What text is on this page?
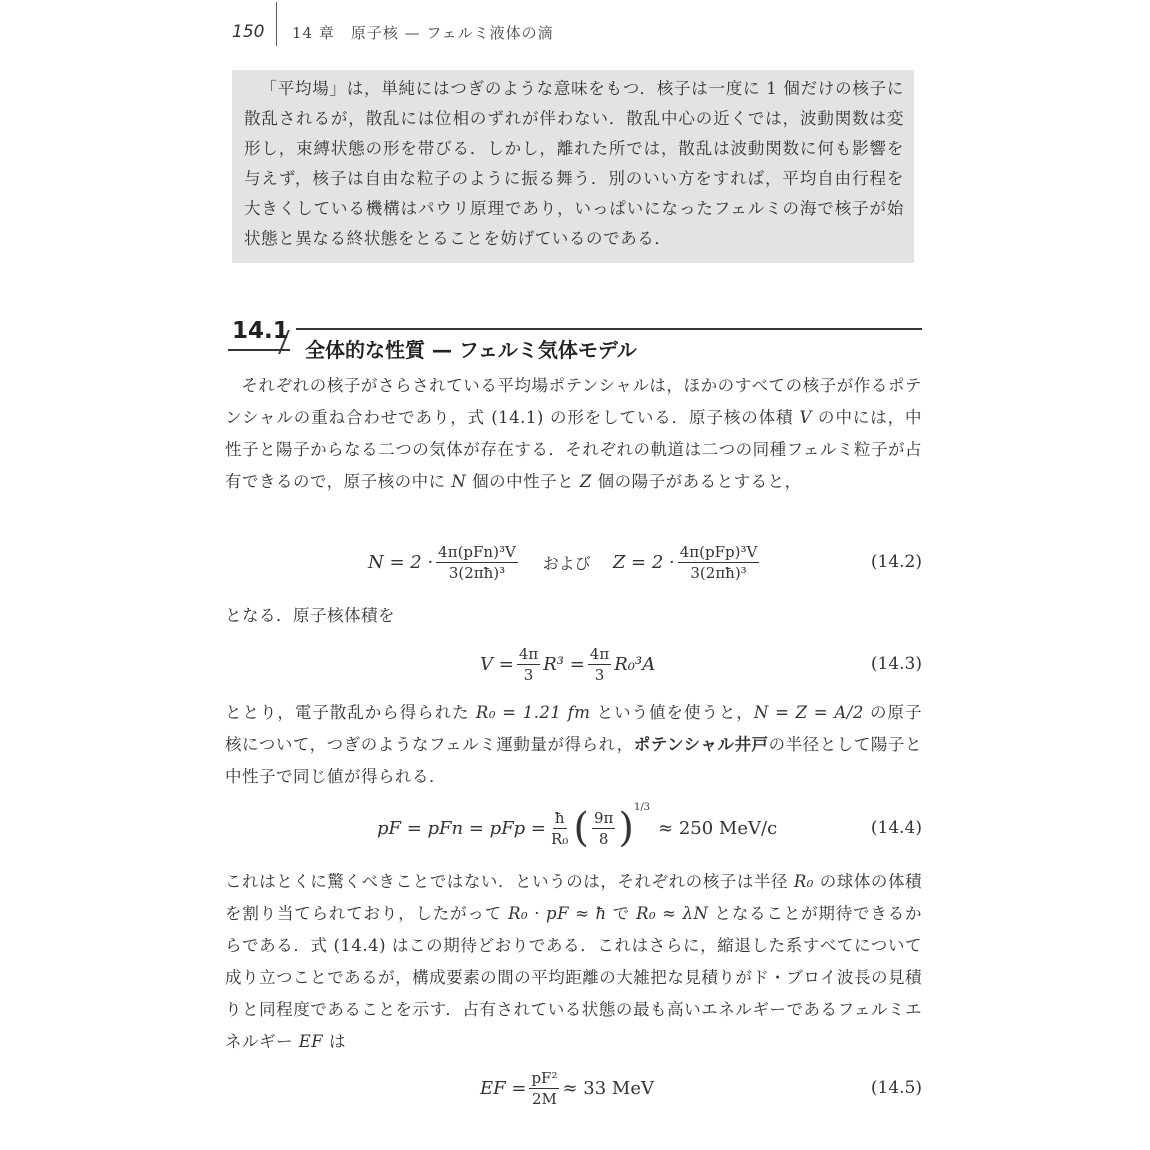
150 14 章　原子核 — フェルミ液体の滴

「平均場」は，単純にはつぎのような意味をもつ．核子は一度に 1 個だけの核子に散乱されるが，散乱には位相のずれが伴わない．散乱中心の近くでは，波動関数は変形し，束縛状態の形を帯びる．しかし，離れた所では，散乱は波動関数に何も影響を与えず，核子は自由な粒子のように振る舞う．別のいい方をすれば，平均自由行程を大きくしている機構はパウリ原理であり，いっぱいになったフェルミの海で核子が始状態と異なる終状態をとることを妨げているのである．

14.1
全体的な性質 — フェルミ気体モデル

それぞれの核子がさらされている平均場ポテンシャルは，ほかのすべての核子が作るポテンシャルの重ね合わせであり，式 (14.1) の形をしている．原子核の体積 V の中には，中性子と陽子からなる二つの気体が存在する．それぞれの軌道は二つの同種フェルミ粒子が占有できるので，原子核の中に N 個の中性子と Z 個の陽子があるとすると，

$N = 2 \cdot \frac{\text{4π(pFn)³V}}{\text{3(2πħ)³}}$ および $Z = 2 \cdot \frac{\text{4π(pFp)³V}}{\text{3(2πħ)³}}$	(14.2)

となる．原子核体積を

$V = \frac{4\pi}{3} R^3 = \frac{4\pi}{3} R_0^3A$	(14.3)

ととり，電子散乱から得られた R₀ = 1.21 fm という値を使うと，N = Z = A/2 の原子核について，つぎのようなフェルミ運動量が得られ，ポテンシャル井戸の半径として陽子と中性子で同じ値が得られる．

pF = pFn = pFp = $\frac{ħ}{\text{R₀}}$ ( $\frac{9\pi}{8} )^{1/3}$
≈ 250 MeV/c	(14.4)

これはとくに驚くべきことではない．というのは，それぞれの核子は半径 R₀ の球体の体積を割り当てられており，したがって R₀ · pF ≈ ħ で R₀ ≈ λN となることが期待できるからである．式 (14.4) はこの期待どおりである．これはさらに，縮退した系すべてについて成り立つことであるが，構成要素の間の平均距離の大雑把な見積りがド・ブロイ波長の見積りと同程度であることを示す．占有されている状態の最も高いエネルギーであるフェルミエネルギー EF は

EF = $\frac{\text{pF²}}{2M} \approx 33$ MeV	(14.5)
